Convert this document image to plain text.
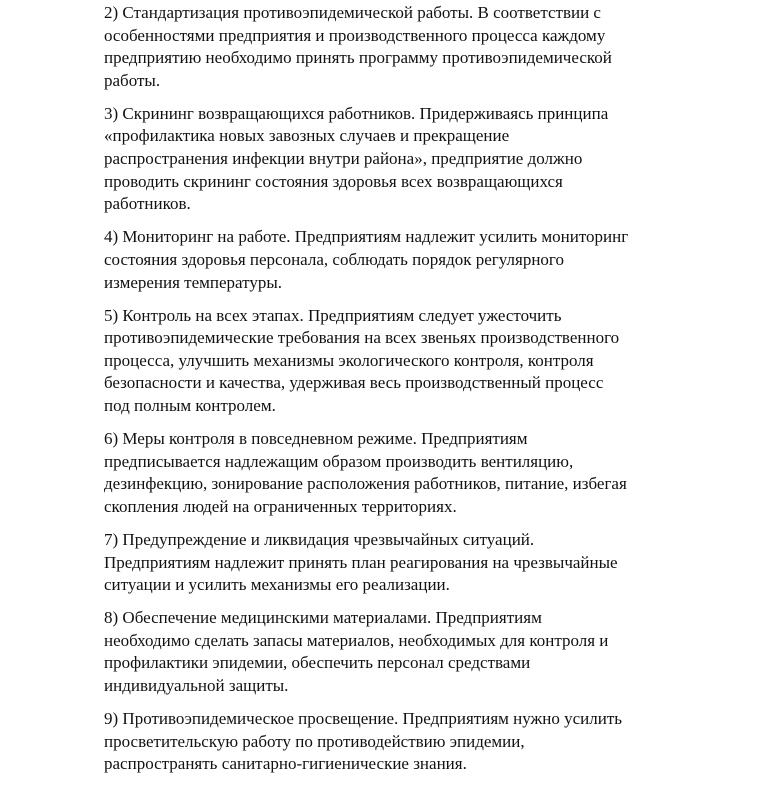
2) Стандартизация противоэпидемической работы. В соответствии с
особенностями предприятия и производственного процесса каждому
предприятию необходимо принять программу противоэпидемической
работы.

3) Скрининг возвращающихся работников. Придерживаясь принципа
«профилактика новых завозных случаев и прекращение
распространения инфекции внутри района», предприятие должно
проводить скрининг состояния здоровья всех возвращающихся
работников.

4) Мониторинг на работе. Предприятиям надлежит усилить мониторинг
состояния здоровья персонала, соблюдать порядок регулярного
измерения температуры.

5) Контроль на всех этапах. Предприятиям следует ужесточить
противоэпидемические требования на всех звеньях производственного
процесса, улучшить механизмы экологического контроля, контроля
безопасности и качества, удерживая весь производственный процесс
под полным контролем.

6) Меры контроля в повседневном режиме. Предприятиям
предписывается надлежащим образом производить вентиляцию,
дезинфекцию, зонирование расположения работников, питание, избегая
скопления людей на ограниченных территориях.

7) Предупреждение и ликвидация чрезвычайных ситуаций.
Предприятиям надлежит принять план реагирования на чрезвычайные
ситуации и усилить механизмы его реализации.

8) Обеспечение медицинскими материалами. Предприятиям
необходимо сделать запасы материалов, необходимых для контроля и
профилактики эпидемии, обеспечить персонал средствами
индивидуальной защиты.

9) Противоэпидемическое просвещение. Предприятиям нужно усилить
просветительскую работу по противодействию эпидемии,
распространять санитарно-гигиенические знания.
